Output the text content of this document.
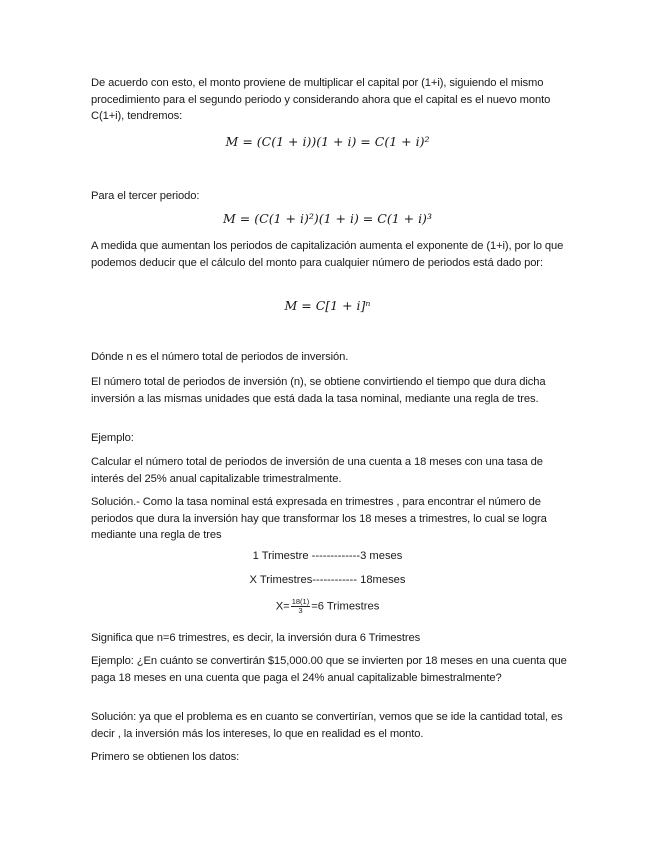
De acuerdo con esto, el monto proviene de multiplicar el capital por (1+i), siguiendo el mismo procedimiento para el segundo periodo y considerando ahora que el capital es el nuevo monto C(1+i), tendremos:
M = (C(1 + i))(1 + i) = C(1 + i)²
Para el tercer periodo:
M = (C(1 + i)²)(1 + i) = C(1 + i)³
A medida que aumentan los periodos de capitalización aumenta el exponente de (1+i), por lo que podemos deducir que el cálculo del monto para cualquier número de periodos está dado por:
M = C[1 + i]ⁿ
Dónde n es el número total de periodos de inversión.
El número total de periodos de inversión (n), se obtiene convirtiendo el tiempo que dura dicha inversión a las mismas unidades que está dada la tasa nominal, mediante una regla de tres.
Ejemplo:
Calcular el número total de periodos de inversión de una cuenta a 18 meses con una tasa de interés del 25% anual capitalizable trimestralmente.
Solución.- Como la tasa nominal está expresada en trimestres , para encontrar el número de periodos que dura la inversión hay que transformar los 18 meses a trimestres, lo cual se logra mediante una regla de tres
1 Trimestre -------------3 meses
X Trimestres------------ 18meses
$X= \frac{18(1)}{3} =6$ Trimestres
Significa que n=6 trimestres, es decir, la inversión dura 6 Trimestres
Ejemplo: ¿En cuánto se convertirán $15,000.00 que se invierten por 18 meses en una cuenta que paga 18 meses en una cuenta que paga el 24% anual capitalizable bimestralmente?
Solución: ya que el problema es en cuanto se convertirían, vemos que se ide la cantidad total, es decir , la inversión más los intereses, lo que en realidad es el monto.
Primero se obtienen los datos:
